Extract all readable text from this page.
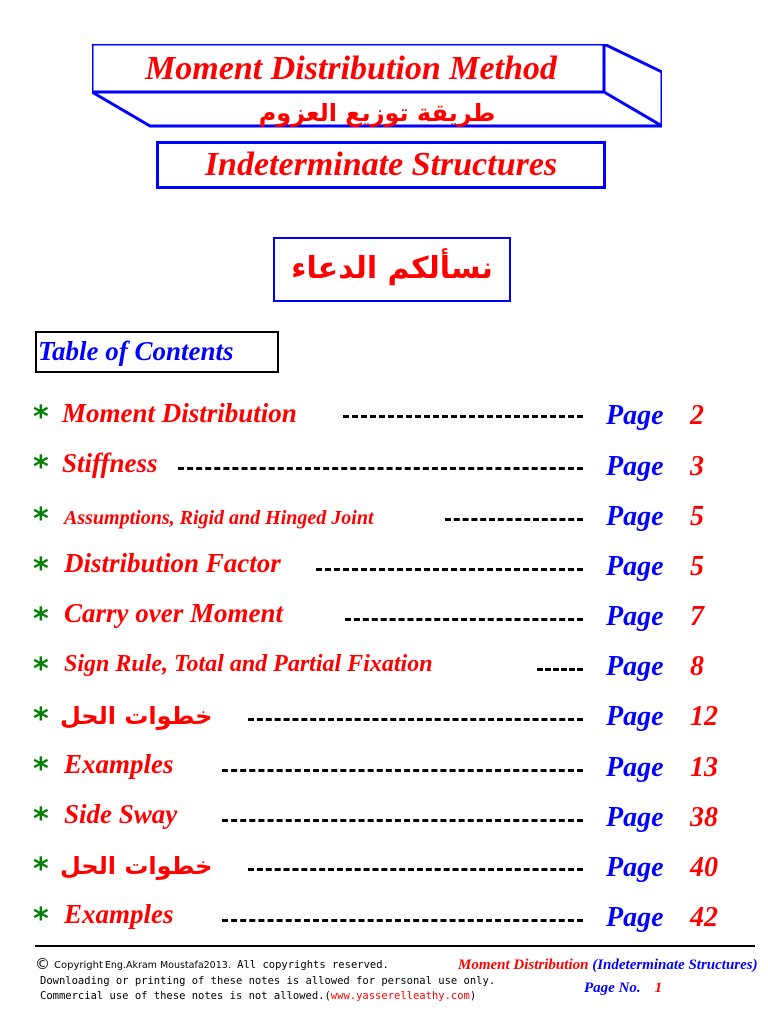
Moment Distribution Method
طريقة توزيع العزوم
Indeterminate Structures
نسألكم الدعاء
Table of Contents
* Moment Distribution	Page 2
* Stiffness	Page 3
* Assumptions, Rigid and Hinged Joint	Page 5
* Distribution Factor	Page 5
* Carry over Moment	Page 7
* Sign Rule, Total and Partial Fixation	Page 8
* خطوات الحل	Page 12
* Examples	Page 13
* Side Sway	Page 38
* خطوات الحل	Page 40
* Examples	Page 42
© Copyright Eng.Akram Moustafa2013. All copyrights reserved.
Downloading or printing of these notes is allowed for personal use only.
Commercial use of these notes is not allowed.(www.yasserelleathy.com)
Moment Distribution (Indeterminate Structures)
Page No. 1
